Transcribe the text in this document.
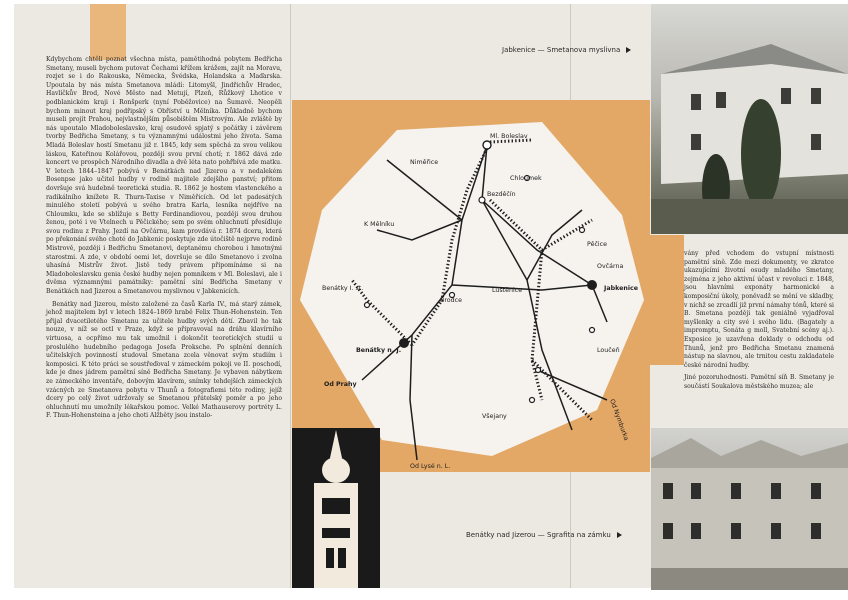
Kdybychom chtěli poznat všechna místa, pamětihodná pobytem Bedřicha Smetany, museli bychom putovat Čechami křížem krážem, zajít na Moravu, rozjet se i do Rakouska, Německa, Švédska, Holandska a Maďarska. Upoutala by nás místa Smetanova mládí: Litomyšl, Jindřichův Hradec, Havlíčkův Brod, Nové Město nad Metují, Plzeň, Růžkový Lhotice v podblanickém kraji i Ronšperk (nyní Poběžovice) na Šumavě. Neopěli bychom minout kraj podřipský s Obříství u Mělníka. Důkladně bychom museli projít Prahou, nejvlastnějším působištěm Mistrovým. Ale zvláště by nás upoutalo Mladoboleslavsko, kraj osudově spjatý s počátky i závěrem tvorby Bedřicha Smetany, s tu významnými událostmi jeho života. Sama Mladá Boleslav hostí Smetanu již r. 1845, kdy sem spěchá za svou velikou láskou, Kateřinou Kolářovou, později svou první chotí; r. 1862 dává zde koncert ve prospěch Národního divadla a dvě léta nato pohřbívá zde matku. V letech 1844–1847 pobývá v Benátkách nad Jizerou a v nedalekém Bosenpse jako učitel hudby v rodině majitele zdejšího panství; přitom dovršuje svá hudebně teoretická studia. R. 1862 je hostem vlastenckého a radikálního knížete R. Thurn-Taxise v Niměřicích. Od let padesátých minulého století pobývá u svého bratra Karla, lesníka nejdříve na Chloumku, kde se sblížuje s Betty Ferdinandiovou, později svou druhou ženou, poté i ve Vtelnech u Pěčického; sem po svém ohluchnutí přesídluje svou rodinu z Prahy. Jezdí na Ovčárnu, kam provdává r. 1874 dceru, která po překonání svého choté do Jabkenic poskytuje zde útočiště nejprve rodině Mistrově, později i Bedřichu Smetanovi, deptanému chorobou i hmotnými starostmi. A zde, v období oemi let, dovršuje se dílo Smetanovo i zvolna uhasíná Mistrův život. Jistě tedy právem připomínáme si na Mladoboleslavsku genia české hudby nejen pomníkem v Ml. Boleslavi, ale i dvěma významnými památníky: pamětní síní Bedřicha Smetany v Benátkách nad Jizerou a Smetanovou myslivnou v Jabkenicích.

Benátky nad Jizerou, město založené za časů Karla IV., má starý zámek, jehož majitelem byl v letech 1824–1869 hrabě Felix Thun-Hohenstein. Ten přijal dvacetiletého Smetanu za učitele hudby svých dětí. Zbavil ho tak nouze, v níž se octl v Praze, když se připravoval na dráhu klavírního virtuosa, a ocpřímo mu tak umožnil i dokončit teoretických studií u proslulého hudebního pedagoga Josefa Proksche. Po splnění denních učitelských povinností studoval Smetana zcela věnovat svým studiím i komposici. K této práci se soustřeďoval v zámeckém pokoji ve II. poschodí, kde je dnes jádrem pamětní síně Bedřicha Smetany. Je vybaven nábytkem ze zámeckého inventáře, dobovým klavírem, snímky tehdejších zámeckých vzácných ze Smetanova pobytu v Thunů a fotografiemi této rodiny, jejíž dcery po celý život udržovaly se Smetanou přátelský poměr a po jeho ohluchnutí mu umožnily lékařskou pomoc. Velké Mathauserovy portréty L. F. Thun-Hohensteina a jeho choti Alžběty jsou instalo-

Jabkenice — Smetanova myslivna
Benátky nad Jizerou — Sgrafita na zámku
Ml. Boleslav
Niměřice
Chloumek
Bezděčín
K Mělníku
Pěčice
Ovčárna
Benátky I. st.
Brodce
Luštěnice	Jabkenice
Benátky n. J.	Loučeň
Od Prahy
Všejany	Od Nymburka
Od Lysé n. L.

vány před vchodem do vstupní místnosti pamětní síně. Zde mezi dokumenty, ve zkratce ukazujícími životní osudy mladého Smetany, zejména z jeho aktivní účast v revoluci r. 1848, jsou hlavními exponáty harmonické a komposiční úkoly, poněvadž se mění ve skladby, v nichž se zrcadlí již první námahy tónů, které si B. Smetana později tak geniálně vyjadřoval myšlenky a city své i svého lidu. (Bagately a impromptu, Sonáta g moll, Svatební scény aj.). Exposice je uzavřena doklady o odchodu od Thunů, jenž pro Bedřicha Smetanu znamená nástup na slavnou, ale trnitou cestu zakladatele české národní hudby.

Jiné pozoruhodnosti. Pamětní síň B. Smetany je součástí Soukalova městského muzea; ale
